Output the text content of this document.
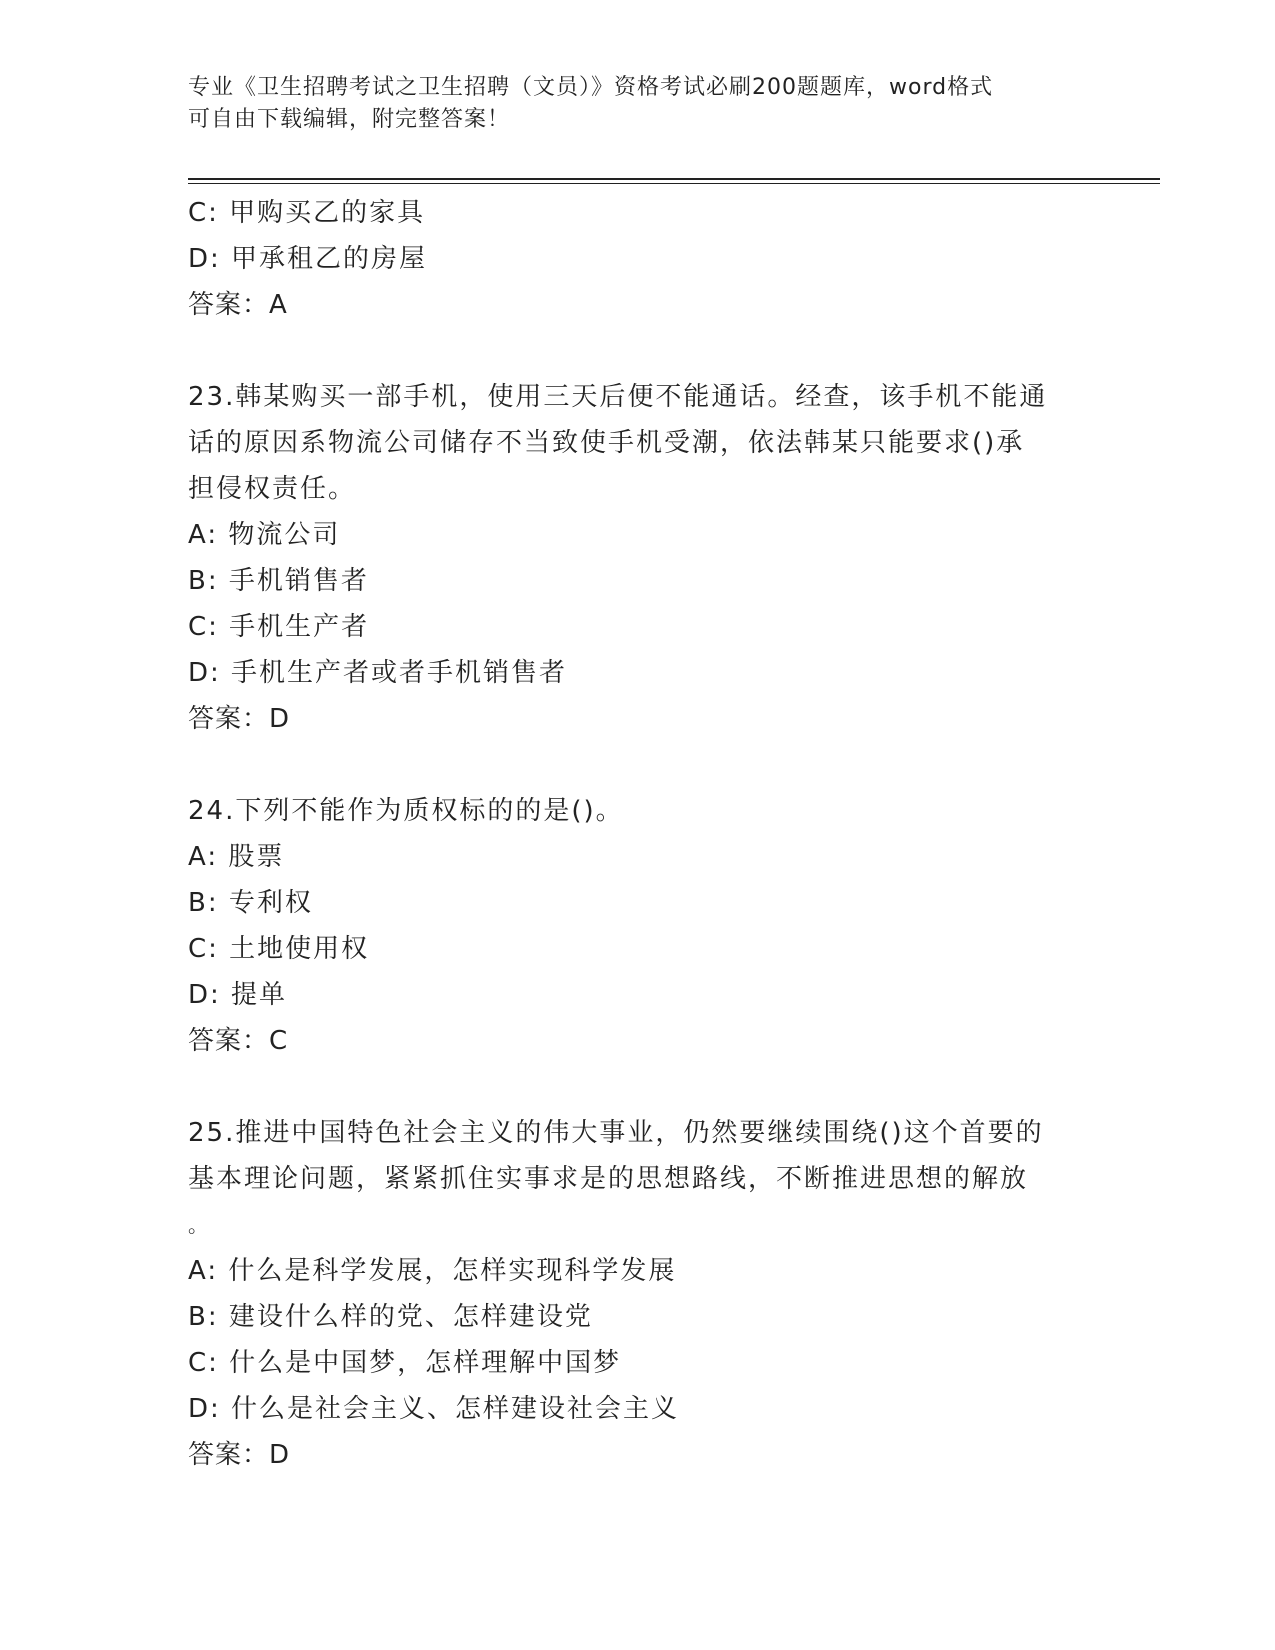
专业《卫生招聘考试之卫生招聘（文员）》资格考试必刷200题题库，word格式
可自由下载编辑，附完整答案！
C: 甲购买乙的家具
D: 甲承租乙的房屋
答案：A
23.韩某购买一部手机，使用三天后便不能通话。经查，该手机不能通
话的原因系物流公司储存不当致使手机受潮，依法韩某只能要求()承
担侵权责任。
A: 物流公司
B: 手机销售者
C: 手机生产者
D: 手机生产者或者手机销售者
答案：D
24.下列不能作为质权标的的是()。
A: 股票
B: 专利权
C: 土地使用权
D: 提单
答案：C
25.推进中国特色社会主义的伟大事业，仍然要继续围绕()这个首要的
基本理论问题，紧紧抓住实事求是的思想路线，不断推进思想的解放
。
A: 什么是科学发展，怎样实现科学发展
B: 建设什么样的党、怎样建设党
C: 什么是中国梦，怎样理解中国梦
D: 什么是社会主义、怎样建设社会主义
答案：D
